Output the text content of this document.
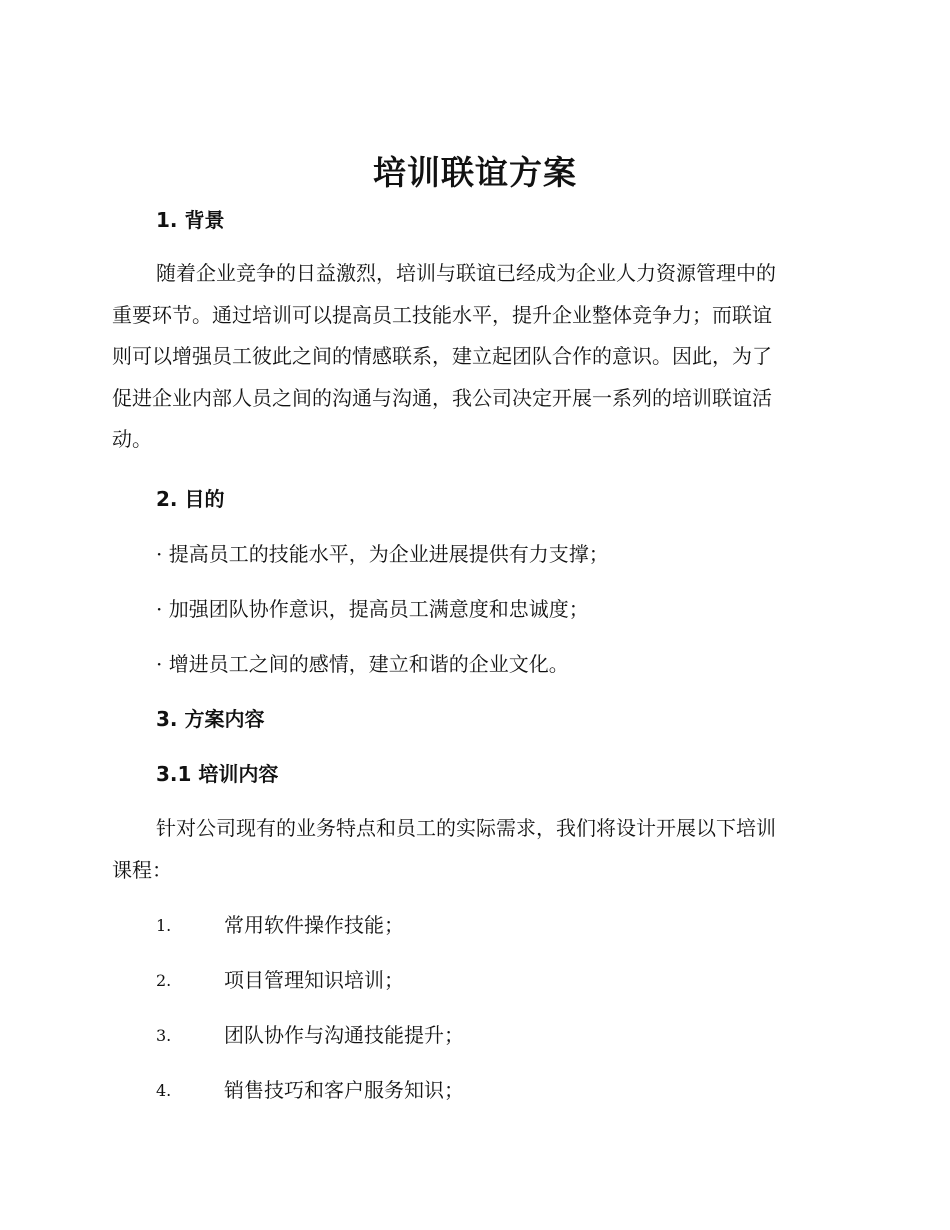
培训联谊方案
1. 背景
随着企业竞争的日益激烈，培训与联谊已经成为企业人力资源管理中的
重要环节。通过培训可以提高员工技能水平，提升企业整体竞争力；而联谊
则可以增强员工彼此之间的情感联系，建立起团队合作的意识。因此，为了
促进企业内部人员之间的沟通与沟通，我公司决定开展一系列的培训联谊活
动。
2. 目的
· 提高员工的技能水平，为企业进展提供有力支撑；
· 加强团队协作意识，提高员工满意度和忠诚度；
· 增进员工之间的感情，建立和谐的企业文化。
3. 方案内容
3.1 培训内容
针对公司现有的业务特点和员工的实际需求，我们将设计开展以下培训
课程：
1.	常用软件操作技能；
2.	项目管理知识培训；
3.	团队协作与沟通技能提升；
4.	销售技巧和客户服务知识；
